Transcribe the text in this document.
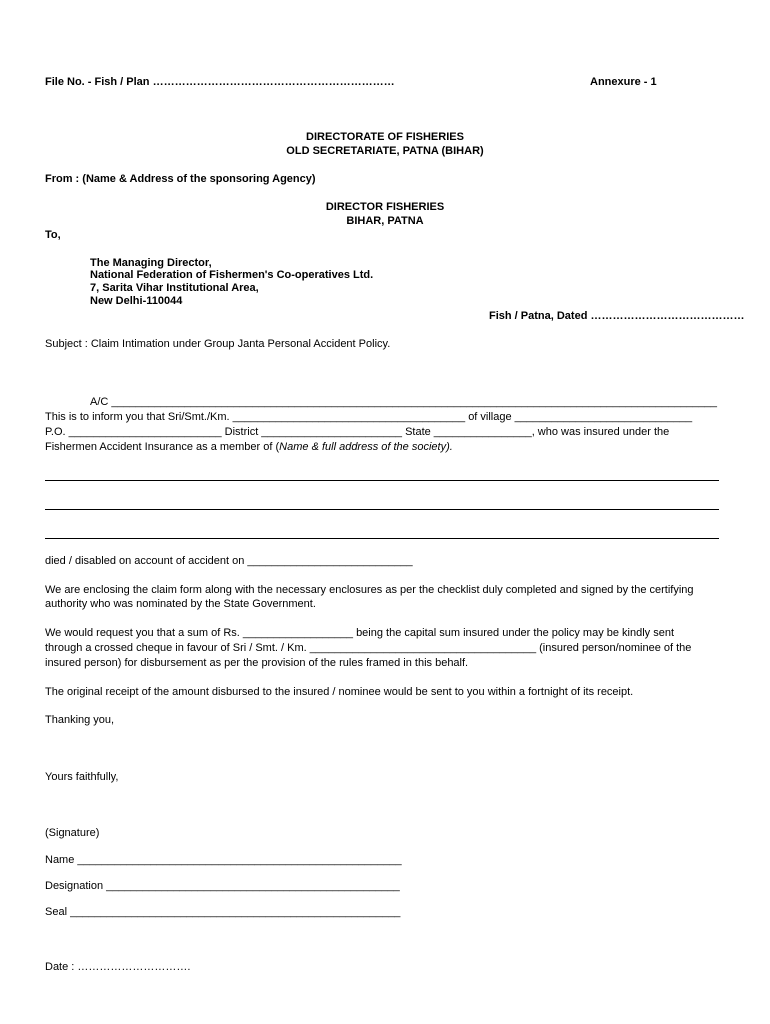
File No. - Fish / Plan …………………………………………………………	Annexure - 1
DIRECTORATE OF FISHERIES
OLD SECRETARIATE, PATNA (BIHAR)
From : (Name & Address of the sponsoring Agency)
DIRECTOR FISHERIES
BIHAR, PATNA
To,
The Managing Director,
National Federation of Fishermen's Co-operatives Ltd.
7, Sarita Vihar Institutional Area,
New Delhi-110044
Fish / Patna, Dated ……………………………………
Subject : Claim Intimation under Group Janta Personal Accident Policy.
A/C ___________________________________________________________________________________________________
This is to inform you that Sri/Smt./Km. ______________________________________ of village _____________________________
P.O. _________________________ District _______________________ State ________________, who was insured under the
Fishermen Accident Insurance as a member of (Name & full address of the society).
died / disabled on account of accident on ___________________________
We are enclosing the claim form along with the necessary enclosures as per the checklist duly completed and signed by the certifying
authority who was nominated by the State Government.
We would request you that a sum of Rs. __________________ being the capital sum insured under the policy may be kindly sent
through a crossed cheque in favour of Sri / Smt. / Km. _____________________________________ (insured person/nominee of the
insured person) for disbursement as per the provision of the rules framed in this behalf.
The original receipt of the amount disbursed to the insured / nominee would be sent to you within a fortnight of its receipt.
Thanking you,
Yours faithfully,
(Signature)
Name _____________________________________________________
Designation ________________________________________________
Seal ______________________________________________________
Date : ………………………….
